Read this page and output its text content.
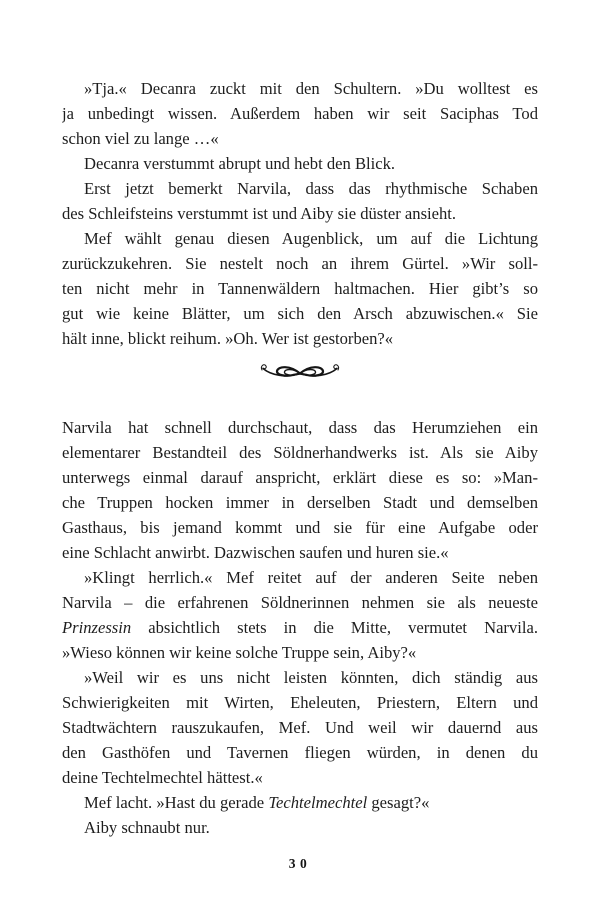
»Tja.« Decanra zuckt mit den Schultern. »Du wolltest es
ja unbedingt wissen. Außerdem haben wir seit Saciphas Tod
schon viel zu lange …«
Decanra verstummt abrupt und hebt den Blick.
Erst jetzt bemerkt Narvila, dass das rhythmische Schaben
des Schleifsteins verstummt ist und Aiby sie düster ansieht.
Mef wählt genau diesen Augenblick, um auf die Lichtung
zurückzukehren. Sie nestelt noch an ihrem Gürtel. »Wir soll-
ten nicht mehr in Tannenwäldern haltmachen. Hier gibt’s so
gut wie keine Blätter, um sich den Arsch abzuwischen.« Sie
hält inne, blickt reihum. »Oh. Wer ist gestorben?«
Narvila hat schnell durchschaut, dass das Herumziehen ein
elementarer Bestandteil des Söldnerhandwerks ist. Als sie Aiby
unterwegs einmal darauf anspricht, erklärt diese es so: »Man-
che Truppen hocken immer in derselben Stadt und demselben
Gasthaus, bis jemand kommt und sie für eine Aufgabe oder
eine Schlacht anwirbt. Dazwischen saufen und huren sie.«
»Klingt herrlich.« Mef reitet auf der anderen Seite neben
Narvila – die erfahrenen Söldnerinnen nehmen sie als neueste
Prinzessin absichtlich stets in die Mitte, vermutet Narvila.
»Wieso können wir keine solche Truppe sein, Aiby?«
»Weil wir es uns nicht leisten könnten, dich ständig aus
Schwierigkeiten mit Wirten, Eheleuten, Priestern, Eltern und
Stadtwächtern rauszukaufen, Mef. Und weil wir dauernd aus
den Gasthöfen und Tavernen fliegen würden, in denen du
deine Techtelmechtel hättest.«
Mef lacht. »Hast du gerade Techtelmechtel gesagt?«
Aiby schnaubt nur.
30
